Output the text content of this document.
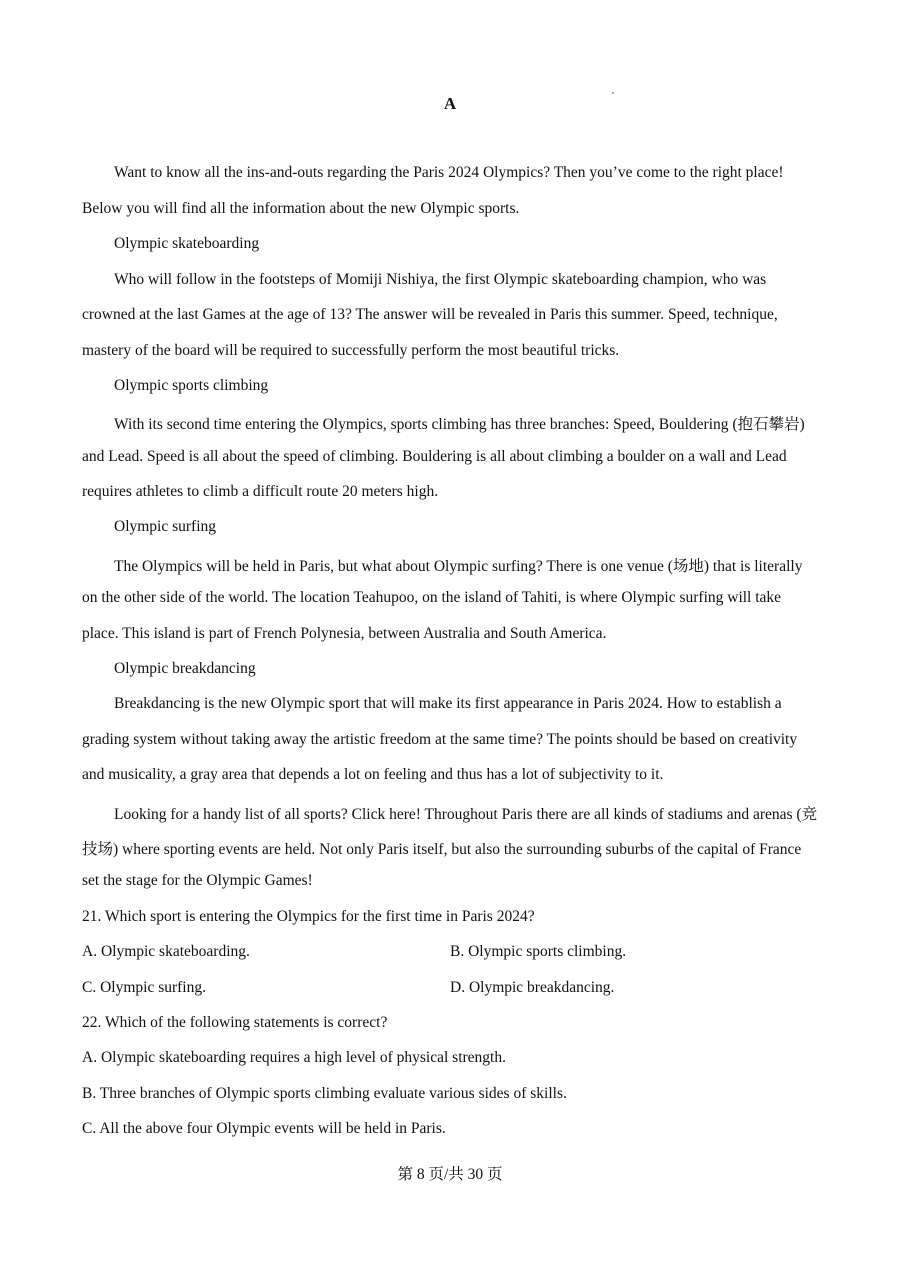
A
Want to know all the ins-and-outs regarding the Paris 2024 Olympics? Then you’ve come to the right place!
Below you will find all the information about the new Olympic sports.
Olympic skateboarding
Who will follow in the footsteps of Momiji Nishiya, the first Olympic skateboarding champion, who was
crowned at the last Games at the age of 13? The answer will be revealed in Paris this summer. Speed, technique,
mastery of the board will be required to successfully perform the most beautiful tricks.
Olympic sports climbing
With its second time entering the Olympics, sports climbing has three branches: Speed, Bouldering (抱石攀岩)
and Lead. Speed is all about the speed of climbing. Bouldering is all about climbing a boulder on a wall and Lead
requires athletes to climb a difficult route 20 meters high.
Olympic surfing
The Olympics will be held in Paris, but what about Olympic surfing? There is one venue (场地) that is literally
on the other side of the world. The location Teahupoo, on the island of Tahiti, is where Olympic surfing will take
place. This island is part of French Polynesia, between Australia and South America.
Olympic breakdancing
Breakdancing is the new Olympic sport that will make its first appearance in Paris 2024. How to establish a
grading system without taking away the artistic freedom at the same time? The points should be based on creativity
and musicality, a gray area that depends a lot on feeling and thus has a lot of subjectivity to it.
Looking for a handy list of all sports? Click here! Throughout Paris there are all kinds of stadiums and arenas (竞
技场) where sporting events are held. Not only Paris itself, but also the surrounding suburbs of the capital of France
set the stage for the Olympic Games!
21. Which sport is entering the Olympics for the first time in Paris 2024?
A. Olympic skateboarding.	B. Olympic sports climbing.
C. Olympic surfing.	D. Olympic breakdancing.
22. Which of the following statements is correct?
A. Olympic skateboarding requires a high level of physical strength.
B. Three branches of Olympic sports climbing evaluate various sides of skills.
C. All the above four Olympic events will be held in Paris.
第 8 页/共 30 页
